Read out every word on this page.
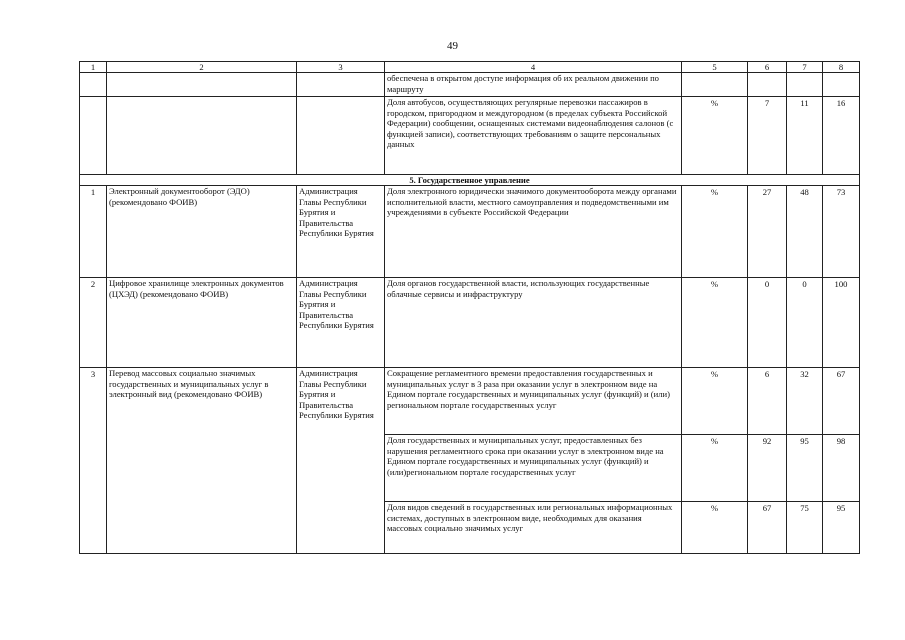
49
1	2	3	4	5	6	7	8
			обеспечена в открытом доступе информация об их реальном движении по маршруту				
			Доля автобусов, осуществляющих регулярные перевозки пассажиров в городском, пригородном и междугородном (в пределах субъекта Российской Федерации) сообщении, оснащенных системами видеонаблюдения салонов (с функцией записи), соответствующих требованиям о защите персональных данных	%	7	11	16
5. Государственное управление							
1	Электронный документооборот (ЭДО) (рекомендовано ФОИВ)	Администрация Главы Республики Бурятия и Правительства Республики Бурятия	Доля электронного юридически значимого документооборота между органами исполнительной власти, местного самоуправления и подведомственными им учреждениями в субъекте Российской Федерации	%	27	48	73
2	Цифровое хранилище электронных документов (ЦХЭД) (рекомендовано ФОИВ)	Администрация Главы Республики Бурятия и Правительства Республики Бурятия	Доля органов государственной власти, использующих государственные облачные сервисы и инфраструктуру	%	0	0	100
3	Перевод массовых социально значимых государственных и муниципальных услуг в электронный вид (рекомендовано ФОИВ)	Администрация Главы Республики Бурятия и Правительства Республики Бурятия	Сокращение регламентного времени предоставления государственных и муниципальных услуг в 3 раза при оказании услуг в электронном виде на Едином портале государственных и муниципальных услуг (функций) и (или) региональном портале государственных услуг	%	6	32	67
			Доля государственных и муниципальных услуг, предоставленных без нарушения регламентного срока при оказании услуг в электронном виде на Едином портале государственных и муниципальных услуг (функций) и (или)региональном портале государственных услуг	%	92	95	98
			Доля видов сведений в государственных или региональных информационных системах, доступных в электронном виде, необходимых для оказания массовых социально значимых услуг	%	67	75	95
